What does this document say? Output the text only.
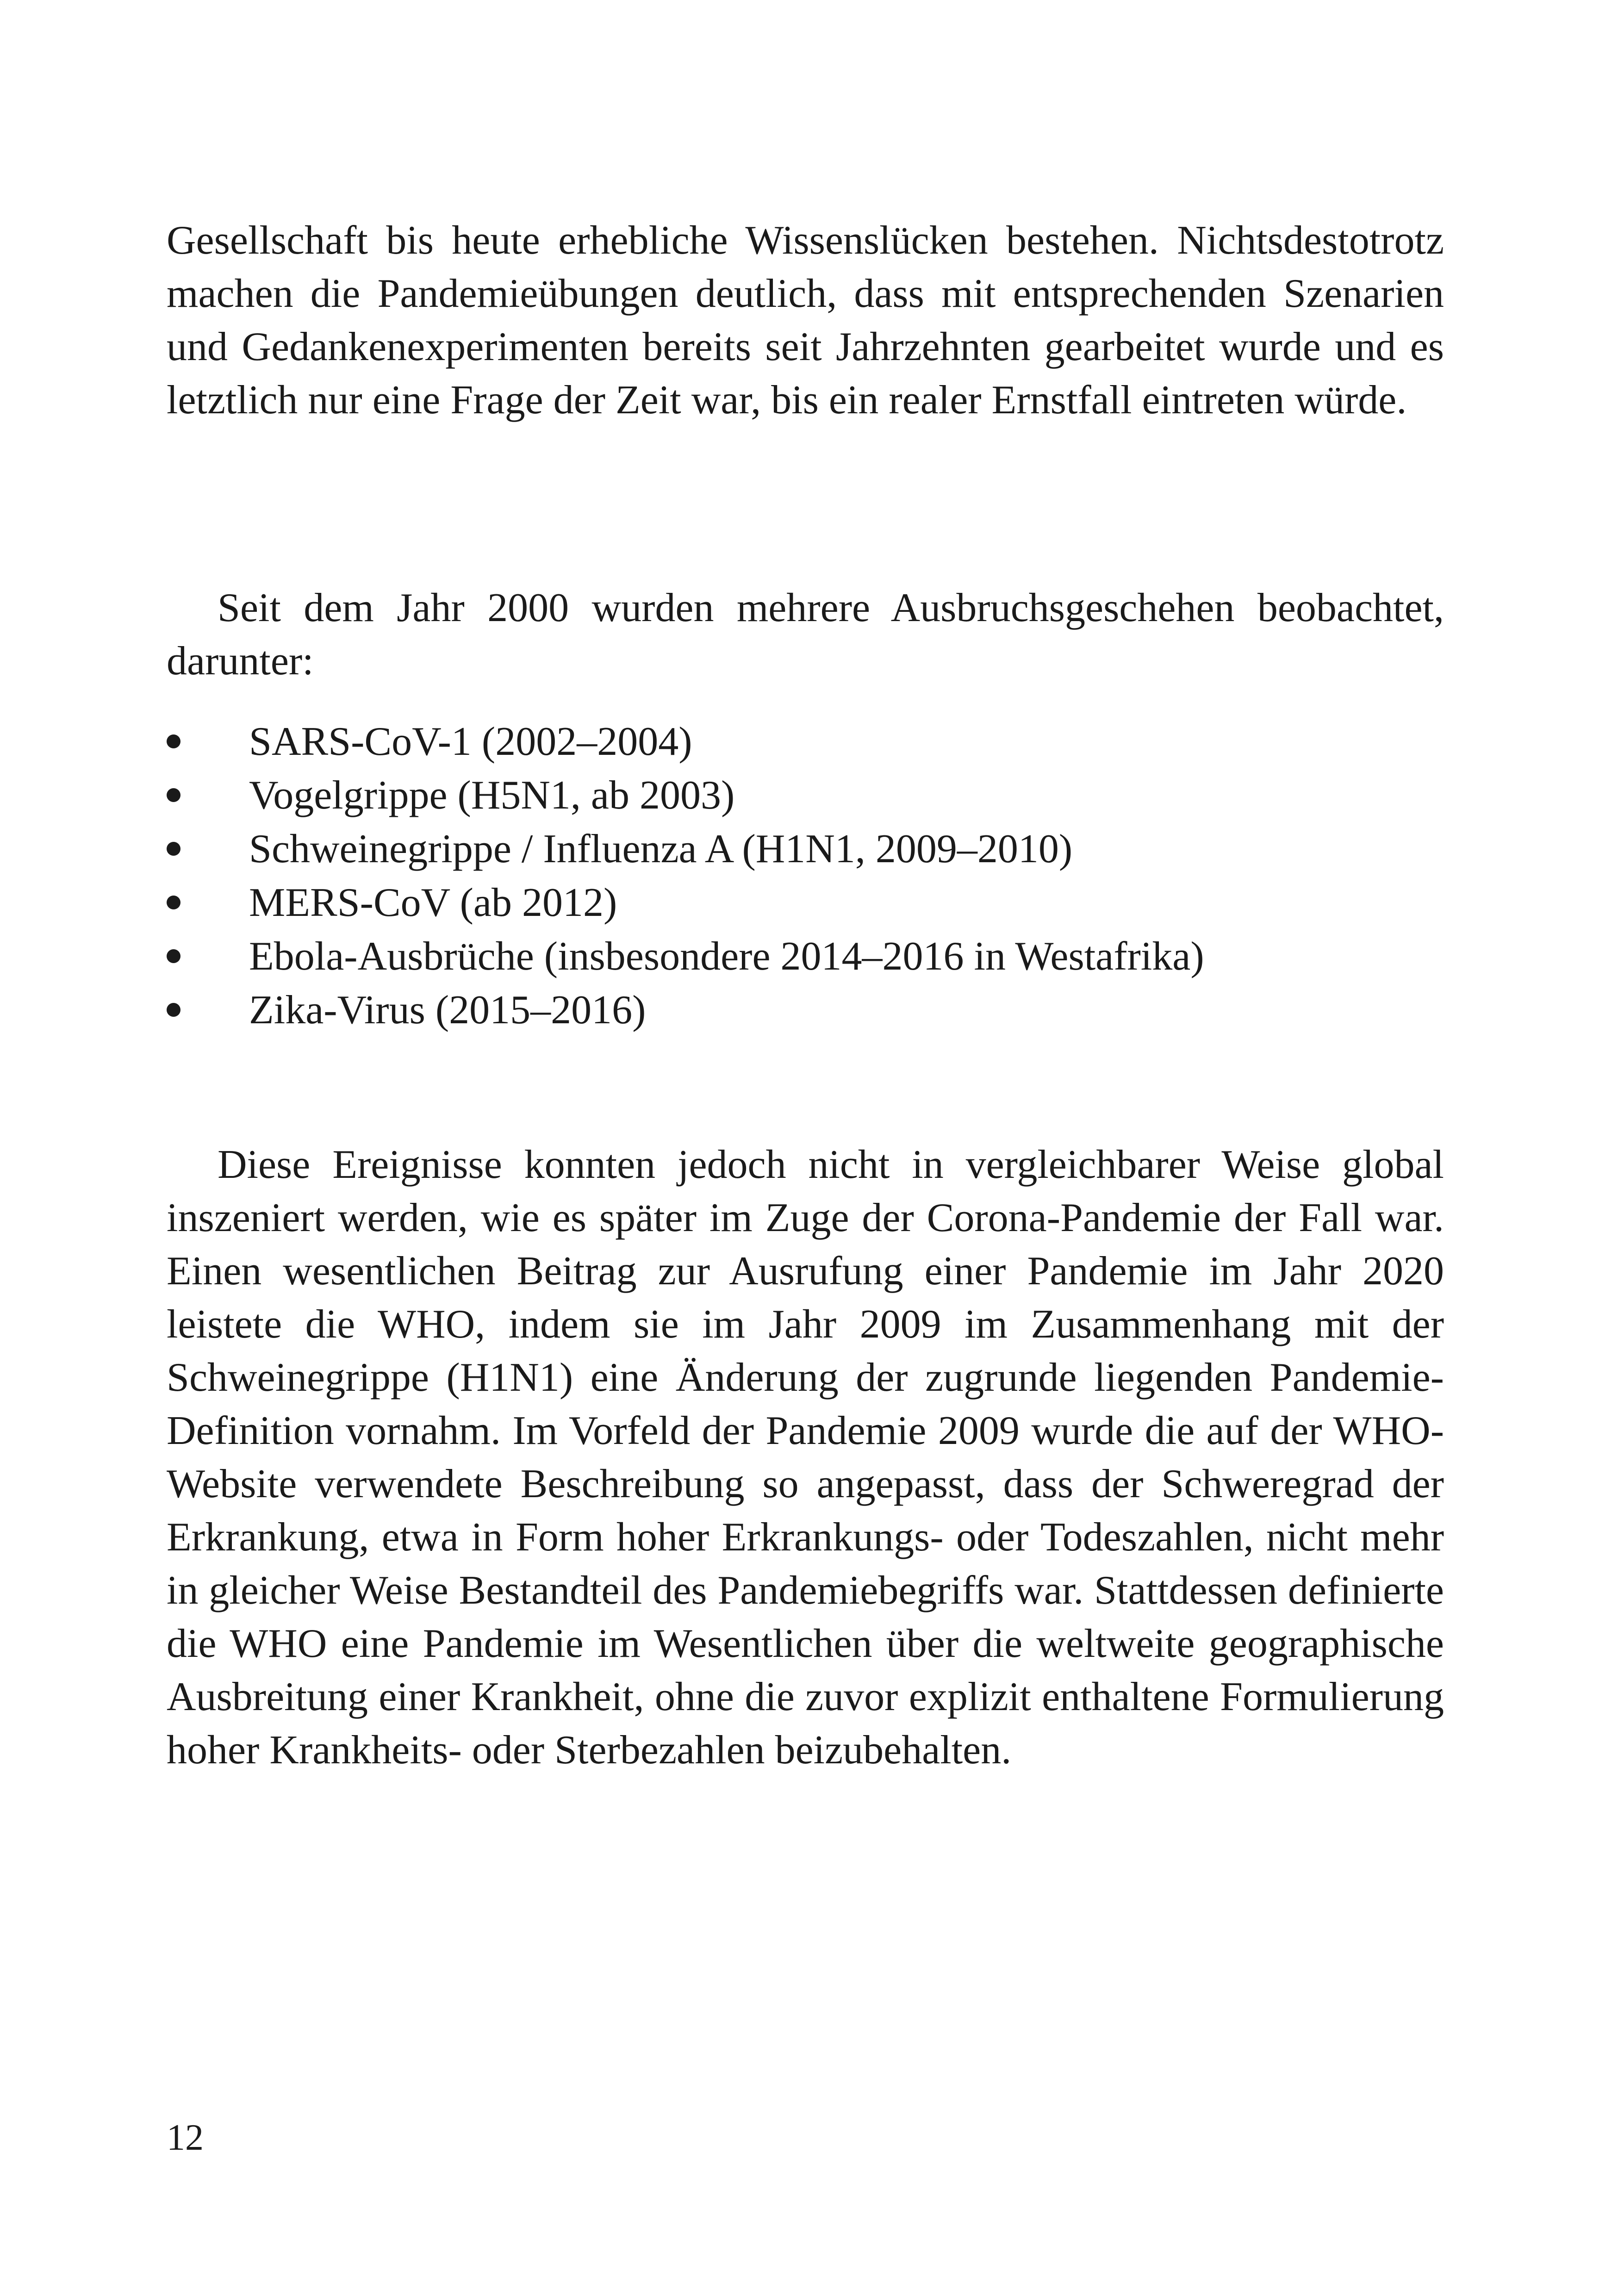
Gesellschaft bis heute erhebliche Wissenslücken bestehen. Nichtsdestotrotz machen die Pandemieübungen deutlich, dass mit entsprechenden Szenarien und Gedankenexperimenten bereits seit Jahrzehnten gearbeitet wurde und es letztlich nur eine Frage der Zeit war, bis ein realer Ernstfall eintreten würde.

Seit dem Jahr 2000 wurden mehrere Ausbruchsgeschehen beobachtet, darunter:

SARS-CoV-1 (2002–2004)
Vogelgrippe (H5N1, ab 2003)
Schweinegrippe / Influenza A (H1N1, 2009–2010)
MERS-CoV (ab 2012)
Ebola-Ausbrüche (insbesondere 2014–2016 in Westafrika)
Zika-Virus (2015–2016)

Diese Ereignisse konnten jedoch nicht in vergleichbarer Weise global inszeniert werden, wie es später im Zuge der Corona-Pandemie der Fall war. Einen wesentlichen Beitrag zur Ausrufung einer Pandemie im Jahr 2020 leistete die WHO, indem sie im Jahr 2009 im Zusammenhang mit der Schweinegrippe (H1N1) eine Änderung der zugrunde liegenden Pandemie-Definition vornahm. Im Vorfeld der Pandemie 2009 wurde die auf der WHO-Website verwendete Beschreibung so angepasst, dass der Schweregrad der Erkrankung, etwa in Form hoher Erkrankungs- oder Todeszahlen, nicht mehr in gleicher Weise Bestandteil des Pandemiebegriffs war. Stattdessen definierte die WHO eine Pandemie im Wesentlichen über die weltweite geographische Ausbreitung einer Krankheit, ohne die zuvor explizit enthaltene Formulierung hoher Krankheits- oder Sterbezahlen beizubehalten.

12
